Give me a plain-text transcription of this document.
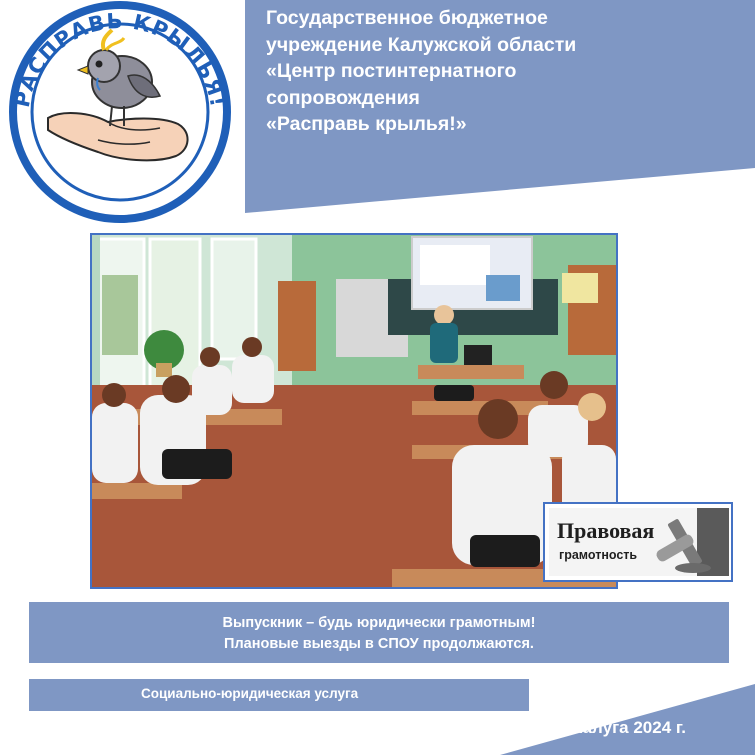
Государственное бюджетное
учреждение Калужской области
«Центр постинтернатного
сопровождения
«Расправь крылья!»
РАСПРАВЬ КРЫЛЬЯ!
Правовая
грамотность
Выпускник – будь юридически грамотным!
Плановые выезды в СПОУ продолжаются.
Социально-юридическая услуга
Калуга 2024 г.
